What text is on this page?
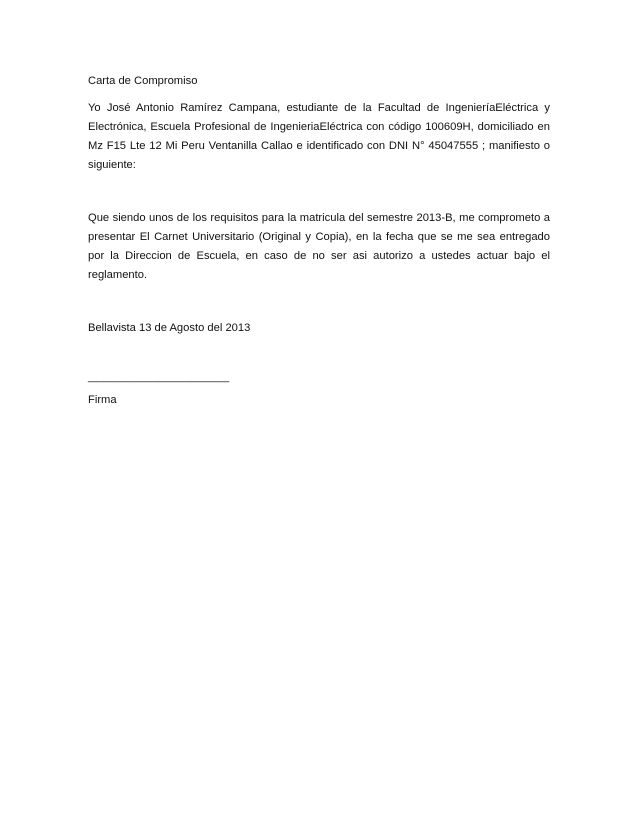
Carta de Compromiso

Yo José Antonio Ramírez Campana, estudiante de la Facultad de IngenieríaEléctrica y Electrónica, Escuela Profesional de IngenieriaEléctrica con código 100609H, domiciliado en Mz F15 Lte 12 Mi Peru Ventanilla Callao e identificado con DNI N° 45047555 ; manifiesto o siguiente:

Que siendo unos de los requisitos para la matricula del semestre 2013-B, me comprometo a presentar El Carnet Universitario (Original y Copia), en la fecha que se me sea entregado por la Direccion de Escuela, en caso de no ser asi autorizo a ustedes actuar bajo el reglamento.

Bellavista 13 de Agosto del 2013

______________________

Firma
